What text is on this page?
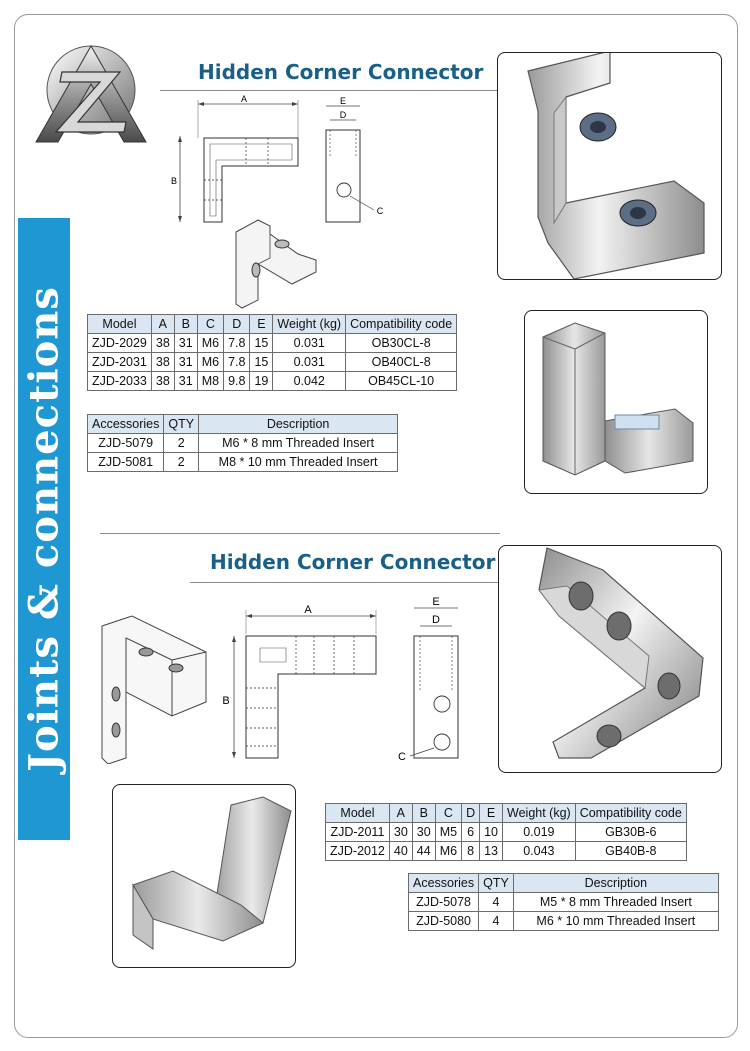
Joints & connections
Hidden Corner Connector
A
B
E
D
C
Model	A	B	C	D	E	Weight (kg)	Compatibility code
ZJD-2029	38	31	M6	7.8	15	0.031	OB30CL-8
ZJD-2031	38	31	M6	7.8	15	0.031	OB40CL-8
ZJD-2033	38	31	M8	9.8	19	0.042	OB45CL-10
Accessories	QTY	Description
ZJD-5079	2	M6 * 8 mm Threaded Insert
ZJD-5081	2	M8 * 10 mm Threaded Insert
Hidden Corner Connector
A
B
E
D
C
Model	A	B	C	D	E	Weight (kg)	Compatibility code
ZJD-2011	30	30	M5	6	10	0.019	GB30B-6
ZJD-2012	40	44	M6	8	13	0.043	GB40B-8
Acessories	QTY	Description
ZJD-5078	4	M5 * 8 mm Threaded Insert
ZJD-5080	4	M6 * 10 mm Threaded Insert
